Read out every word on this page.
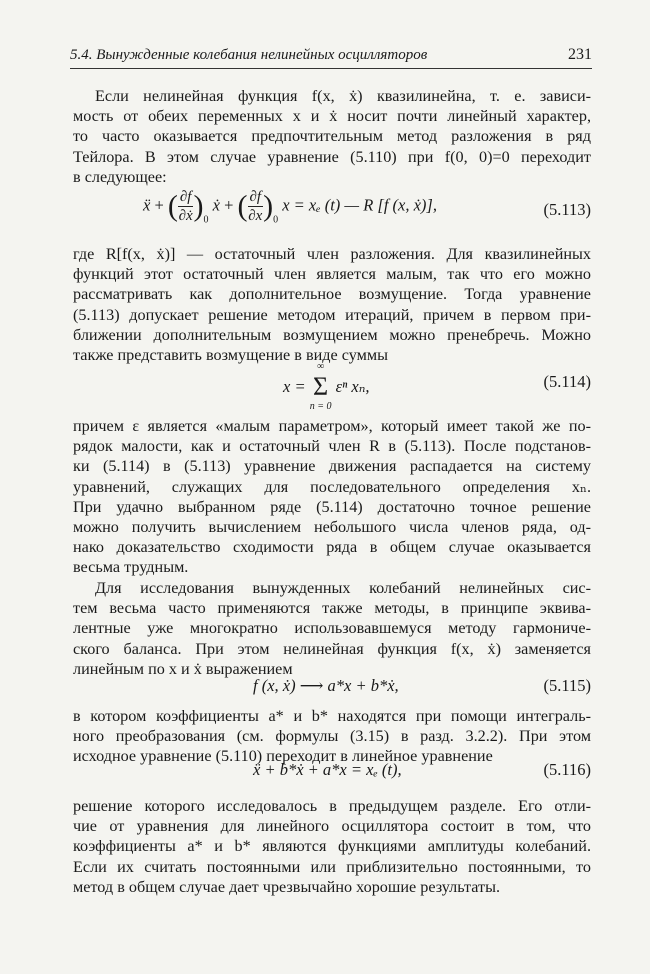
5.4. Вынужденные колебания нелинейных осцилляторов	231
Если нелинейная функция f(x, ẋ) квазилинейна, т. е. зависи-
мость от обеих переменных x и ẋ носит почти линейный характер,
то часто оказывается предпочтительным метод разложения в ряд
Тейлора. В этом случае уравнение (5.110) при f(0, 0)=0 переходит
в следующее:
ẍ + ( $\frac{\partial f}{\text{∂ẋ}} )_0$ ẋ + ( $\frac{\partial f}{\partial x} )_0$ x = xₑ (t) — R [f (x, ẋ)],	(5.113)
где R[f(x, ẋ)] — остаточный член разложения. Для квазилинейных
функций этот остаточный член является малым, так что его можно
рассматривать как дополнительное возмущение. Тогда уравнение
(5.113) допускает решение методом итераций, причем в первом при-
ближении дополнительным возмущением можно пренебречь. Можно
также представить возмущение в виде суммы
x =
∞
Σ
n = 0
εⁿ xₙ,	(5.114)
причем ε является «малым параметром», который имеет такой же по-
рядок малости, как и остаточный член R в (5.113). После подстанов-
ки (5.114) в (5.113) уравнение движения распадается на систему
уравнений, служащих для последовательного определения xₙ.
При удачно выбранном ряде (5.114) достаточно точное решение
можно получить вычислением небольшого числа членов ряда, од-
нако доказательство сходимости ряда в общем случае оказывается
весьма трудным.
Для исследования вынужденных колебаний нелинейных сис-
тем весьма часто применяются также методы, в принципе эквива-
лентные уже многократно использовавшемуся методу гармониче-
ского баланса. При этом нелинейная функция f(x, ẋ) заменяется
линейным по x и ẋ выражением
f (x, ẋ) ⟶ a*x + b*ẋ,	(5.115)
в котором коэффициенты a* и b* находятся при помощи интеграль-
ного преобразования (см. формулы (3.15) в разд. 3.2.2). При этом
исходное уравнение (5.110) переходит в линейное уравнение
ẍ + b*ẋ + a*x = xₑ (t),	(5.116)
решение которого исследовалось в предыдущем разделе. Его отли-
чие от уравнения для линейного осциллятора состоит в том, что
коэффициенты a* и b* являются функциями амплитуды колебаний.
Если их считать постоянными или приблизительно постоянными, то
метод в общем случае дает чрезвычайно хорошие результаты.
